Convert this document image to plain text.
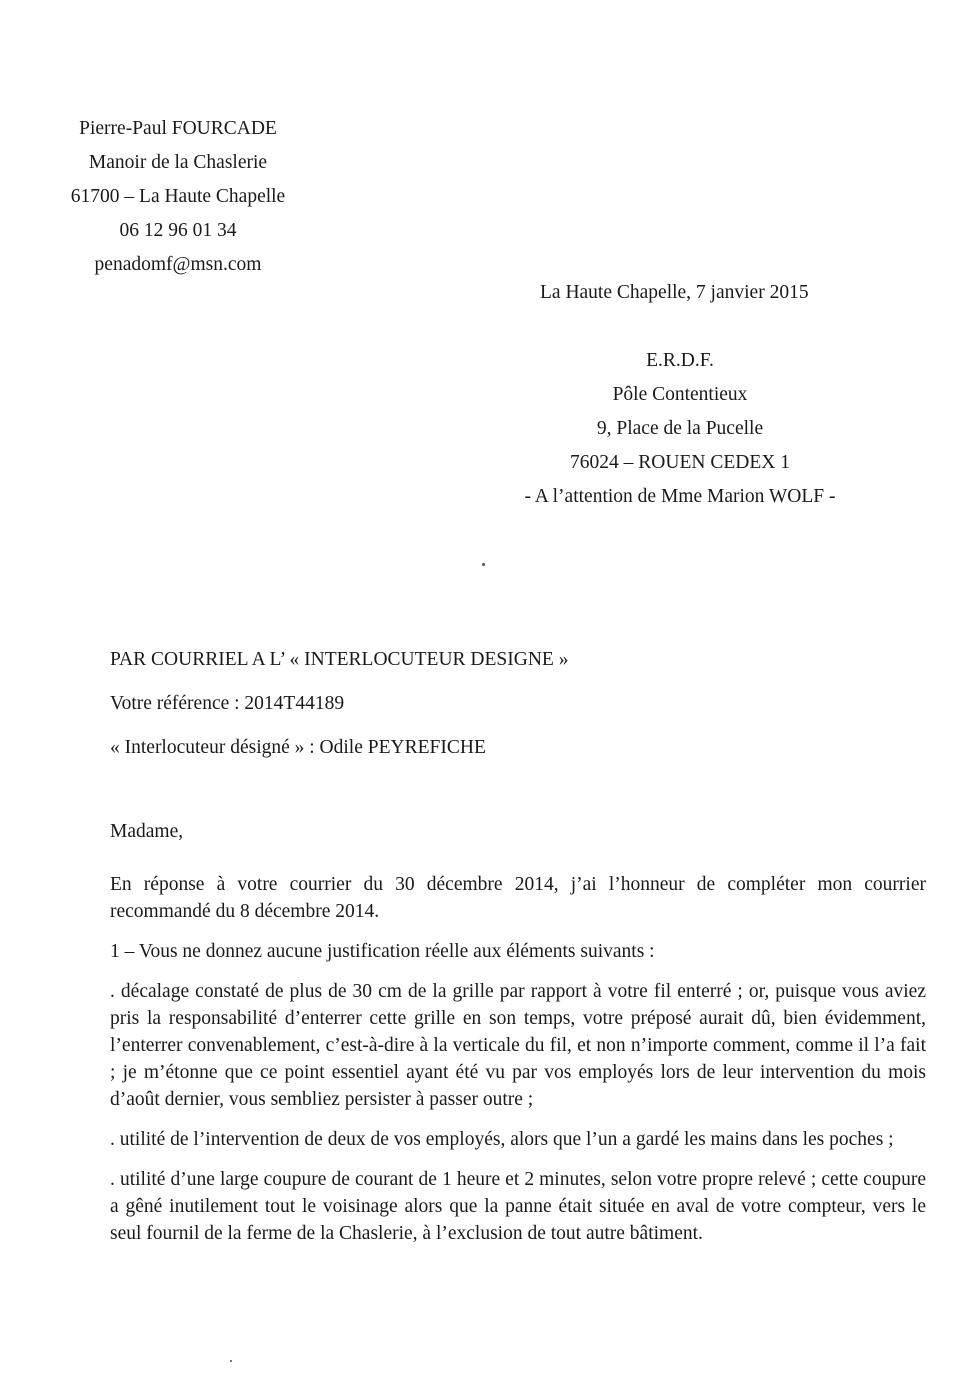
Pierre-Paul FOURCADE
Manoir de la Chaslerie
61700 – La Haute Chapelle
06 12 96 01 34
penadomf@msn.com
La Haute Chapelle, 7 janvier 2015
E.R.D.F.
Pôle Contentieux
9, Place de la Pucelle
76024 – ROUEN CEDEX 1
- A l’attention de Mme Marion WOLF -
PAR COURRIEL A L’ « INTERLOCUTEUR DESIGNE »
Votre référence : 2014T44189
« Interlocuteur désigné » : Odile PEYREFICHE

Madame,

En réponse à votre courrier du 30 décembre 2014, j’ai l’honneur de compléter mon courrier recommandé du 8 décembre 2014.

1 – Vous ne donnez aucune justification réelle aux éléments suivants :

. décalage constaté de plus de 30 cm de la grille par rapport à votre fil enterré ; or, puisque vous aviez pris la responsabilité d’enterrer cette grille en son temps, votre préposé aurait dû, bien évidemment, l’enterrer convenablement, c’est-à-dire à la verticale du fil, et non n’importe comment, comme il l’a fait ; je m’étonne que ce point essentiel ayant été vu par vos employés lors de leur intervention du mois d’août dernier, vous sembliez persister à passer outre ;

. utilité de l’intervention de deux de vos employés, alors que l’un a gardé les mains dans les poches ;

. utilité d’une large coupure de courant de 1 heure et 2 minutes, selon votre propre relevé ; cette coupure a gêné inutilement tout le voisinage alors que la panne était située en aval de votre compteur, vers le seul fournil de la ferme de la Chaslerie, à l’exclusion de tout autre bâtiment.
